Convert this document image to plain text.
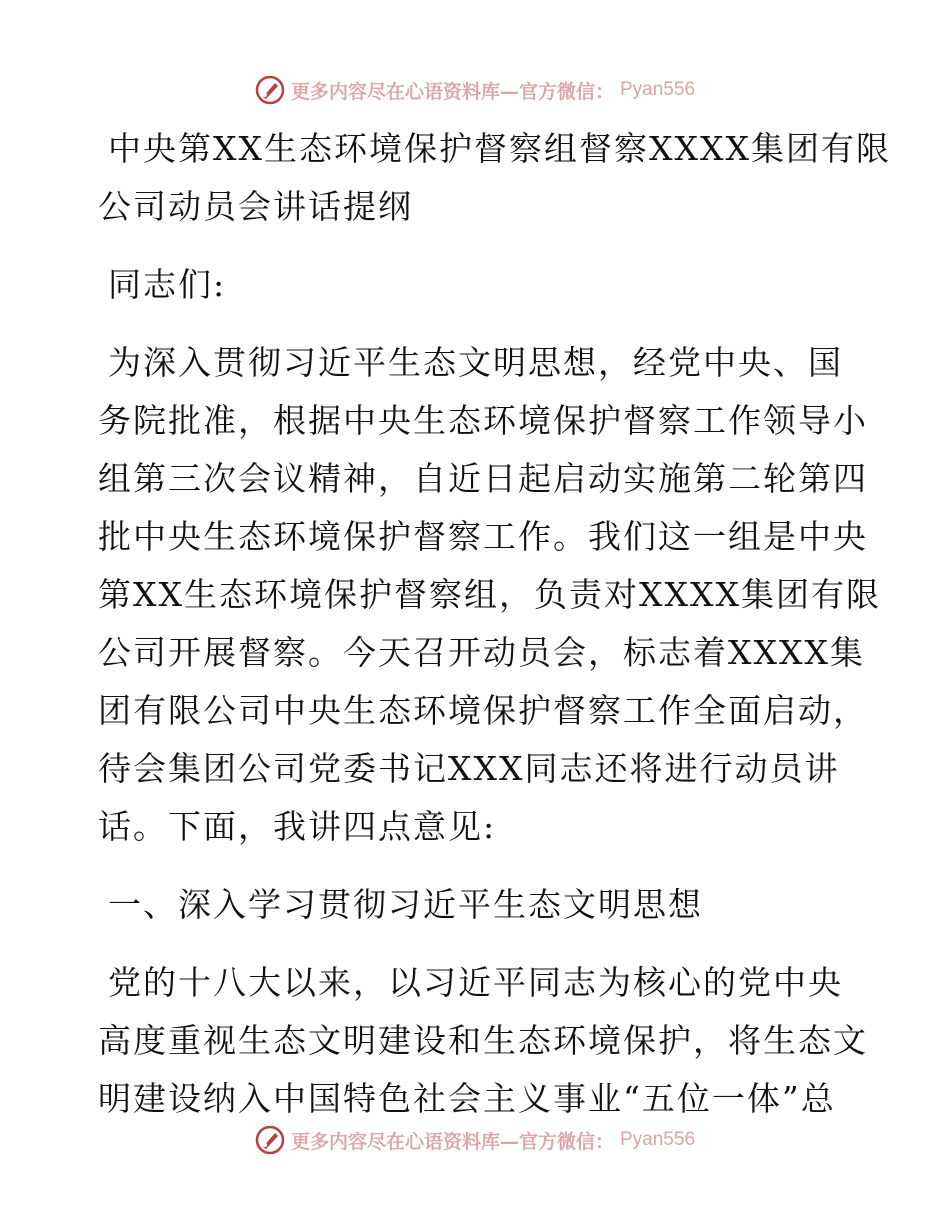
更多内容尽在心语资料库—官方微信： Pyan556
中央第XX生态环境保护督察组督察XXXX集团有限
公司动员会讲话提纲
同志们:
为深入贯彻习近平生态文明思想，经党中央、国
务院批准，根据中央生态环境保护督察工作领导小
组第三次会议精神，自近日起启动实施第二轮第四
批中央生态环境保护督察工作。我们这一组是中央
第XX生态环境保护督察组，负责对XXXX集团有限
公司开展督察。今天召开动员会，标志着XXXX集
团有限公司中央生态环境保护督察工作全面启动，
待会集团公司党委书记XXX同志还将进行动员讲
话。下面，我讲四点意见:
一、深入学习贯彻习近平生态文明思想
党的十八大以来，以习近平同志为核心的党中央
高度重视生态文明建设和生态环境保护，将生态文
明建设纳入中国特色社会主义事业“五位一体”总
更多内容尽在心语资料库—官方微信： Pyan556
